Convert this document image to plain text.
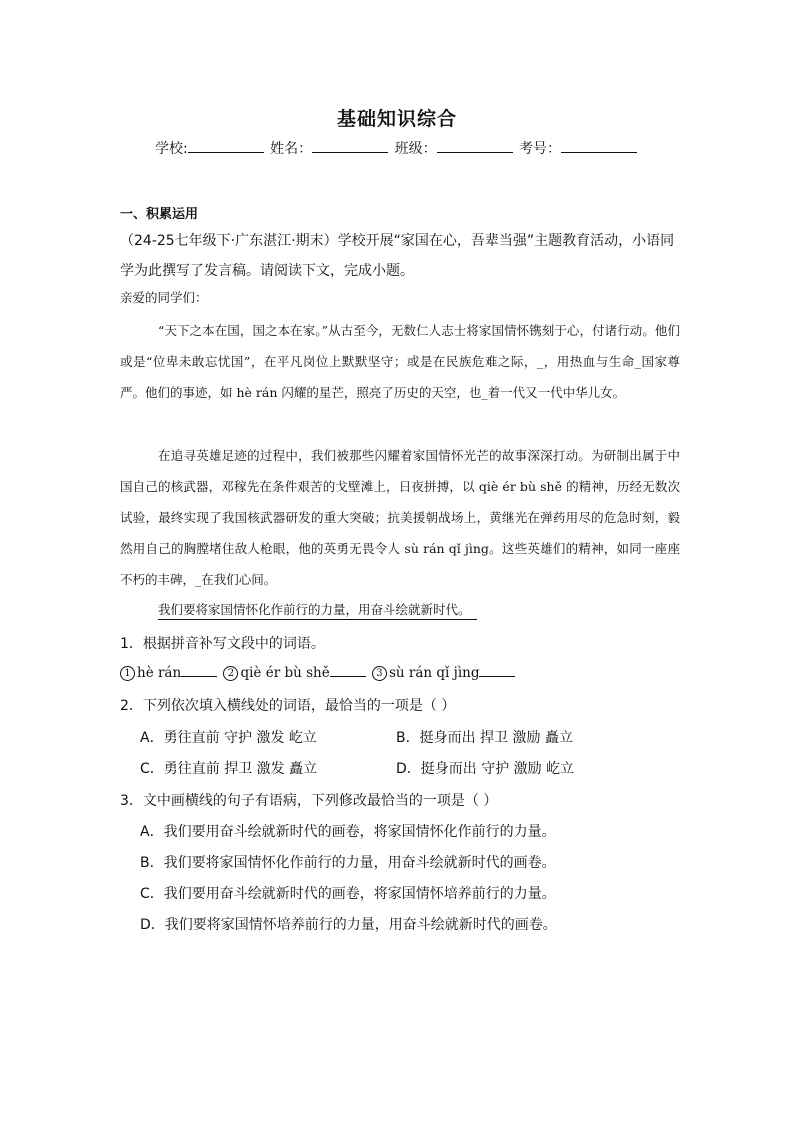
基础知识综合
学校:	姓名：	班级：	考号：
一、积累运用
（24-25七年级下·广东湛江·期末）学校开展“家国在心，吾辈当强”主题教育活动，小语同学为此撰写了发言稿。请阅读下文，完成小题。
亲爱的同学们：
“天下之本在国，国之本在家。”从古至今，无数仁人志士将家国情怀镌刻于心，付诸行动。他们或是“位卑未敢忘忧国”，在平凡岗位上默默坚守；或是在民族危难之际，_，用热血与生命_国家尊严。他们的事迹，如 hè rán 闪耀的星芒，照亮了历史的天空，也_着一代又一代中华儿女。
在追寻英雄足迹的过程中，我们被那些闪耀着家国情怀光芒的故事深深打动。为研制出属于中国自己的核武器，邓稼先在条件艰苦的戈壁滩上，日夜拼搏，以 qiè ér bù shě 的精神，历经无数次试验，最终实现了我国核武器研发的重大突破；抗美援朝战场上，黄继光在弹药用尽的危急时刻，毅然用自己的胸膛堵住敌人枪眼，他的英勇无畏令人 sù rán qǐ jìng。这些英雄们的精神，如同一座座不朽的丰碑，_在我们心间。
我们要将家国情怀化作前行的力量，用奋斗绘就新时代。
1．根据拼音补写文段中的词语。
1 hè rán	2 qiè ér bù shě	3 sù rán qǐ jìng
2．下列依次填入横线处的词语，最恰当的一项是（ ）
A．勇往直前 守护 激发 屹立	B．挺身而出 捍卫 激励 矗立
C．勇往直前 捍卫 激发 矗立	D．挺身而出 守护 激励 屹立
3．文中画横线的句子有语病，下列修改最恰当的一项是（ ）
A．我们要用奋斗绘就新时代的画卷，将家国情怀化作前行的力量。
B．我们要将家国情怀化作前行的力量，用奋斗绘就新时代的画卷。
C．我们要用奋斗绘就新时代的画卷，将家国情怀培养前行的力量。
D．我们要将家国情怀培养前行的力量，用奋斗绘就新时代的画卷。
